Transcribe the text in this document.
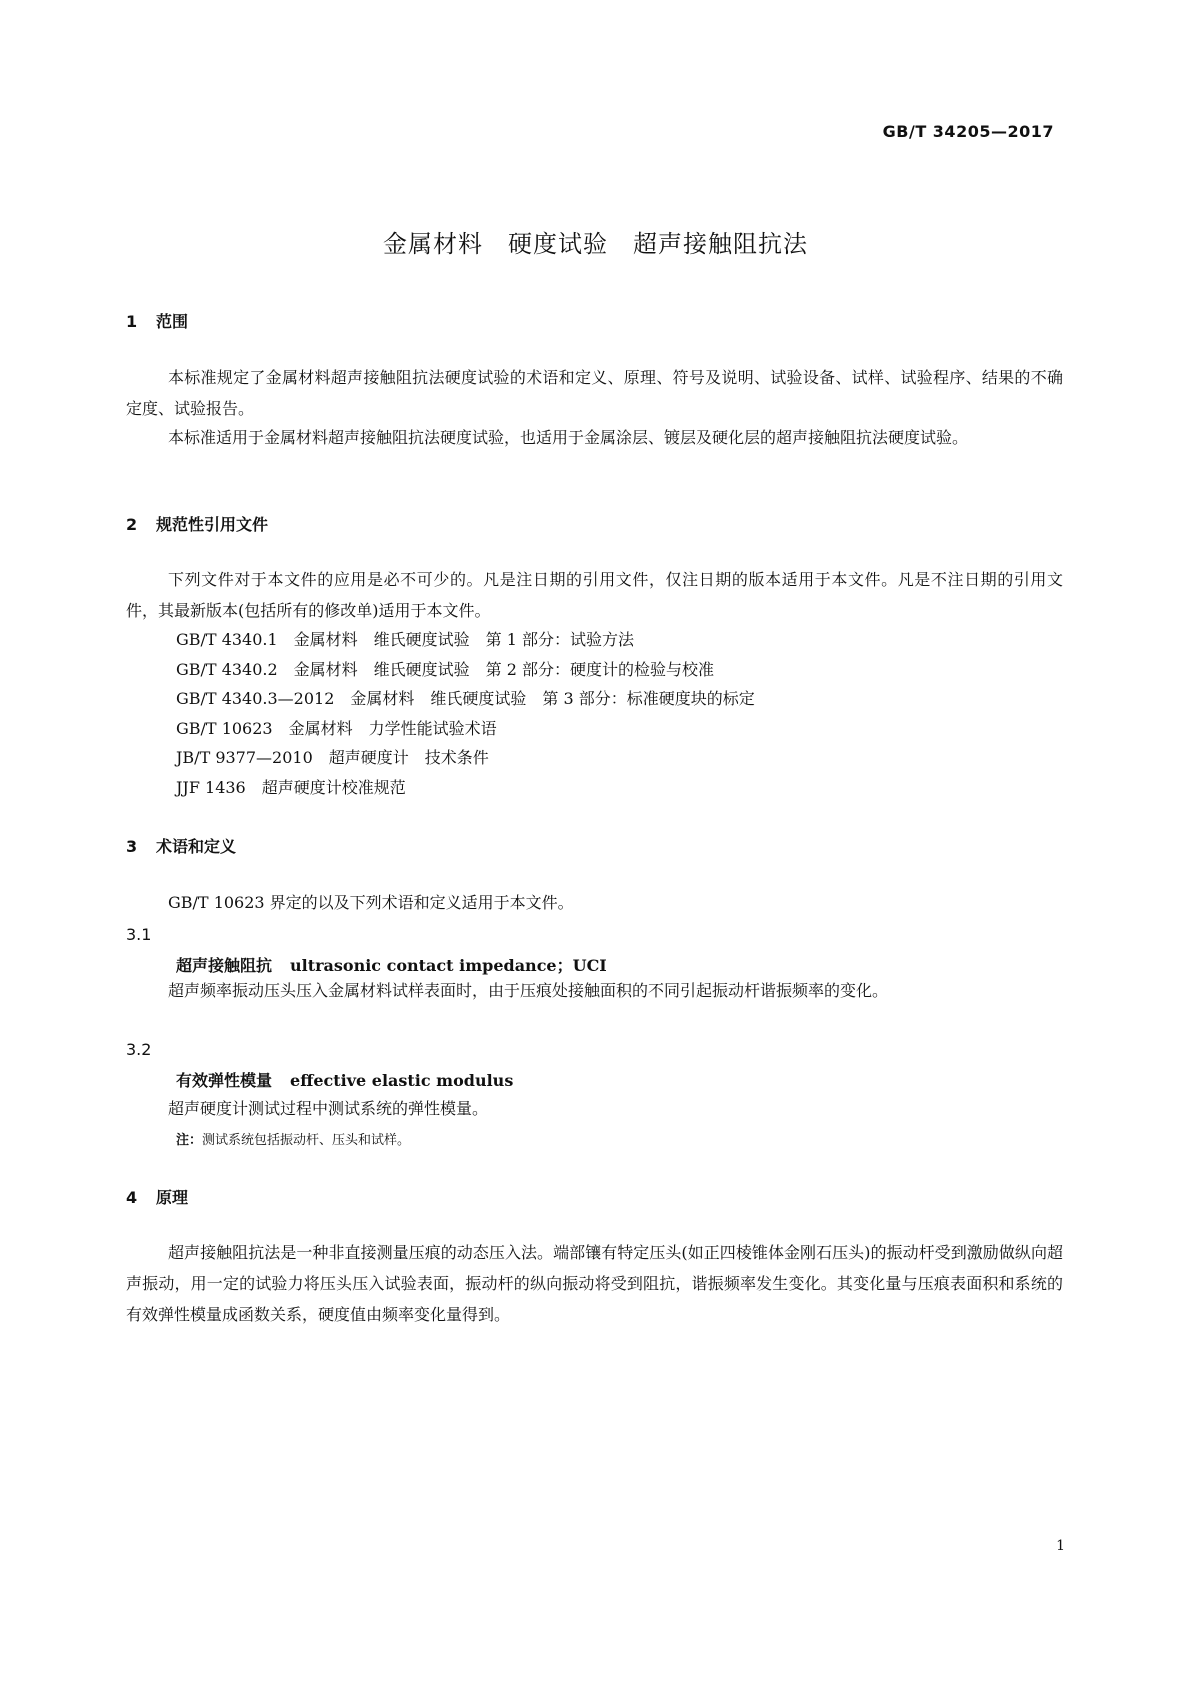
GB/T 34205—2017
金属材料　硬度试验　超声接触阻抗法
1 范围
本标准规定了金属材料超声接触阻抗法硬度试验的术语和定义、原理、符号及说明、试验设备、试样、试验程序、结果的不确定度、试验报告。
本标准适用于金属材料超声接触阻抗法硬度试验，也适用于金属涂层、镀层及硬化层的超声接触阻抗法硬度试验。
2 规范性引用文件
下列文件对于本文件的应用是必不可少的。凡是注日期的引用文件，仅注日期的版本适用于本文件。凡是不注日期的引用文件，其最新版本(包括所有的修改单)适用于本文件。
GB/T 4340.1　金属材料　维氏硬度试验　第 1 部分：试验方法
GB/T 4340.2　金属材料　维氏硬度试验　第 2 部分：硬度计的检验与校准
GB/T 4340.3—2012　金属材料　维氏硬度试验　第 3 部分：标准硬度块的标定
GB/T 10623　金属材料　力学性能试验术语
JB/T 9377—2010　超声硬度计　技术条件
JJF 1436　超声硬度计校准规范
3 术语和定义
GB/T 10623 界定的以及下列术语和定义适用于本文件。
3.1
超声接触阻抗 ultrasonic contact impedance；UCI
超声频率振动压头压入金属材料试样表面时，由于压痕处接触面积的不同引起振动杆谐振频率的变化。
3.2
有效弹性模量 effective elastic modulus
超声硬度计测试过程中测试系统的弹性模量。
注：测试系统包括振动杆、压头和试样。
4 原理
超声接触阻抗法是一种非直接测量压痕的动态压入法。端部镶有特定压头(如正四棱锥体金刚石压头)的振动杆受到激励做纵向超声振动，用一定的试验力将压头压入试验表面，振动杆的纵向振动将受到阻抗，谐振频率发生变化。其变化量与压痕表面积和系统的有效弹性模量成函数关系，硬度值由频率变化量得到。
1
